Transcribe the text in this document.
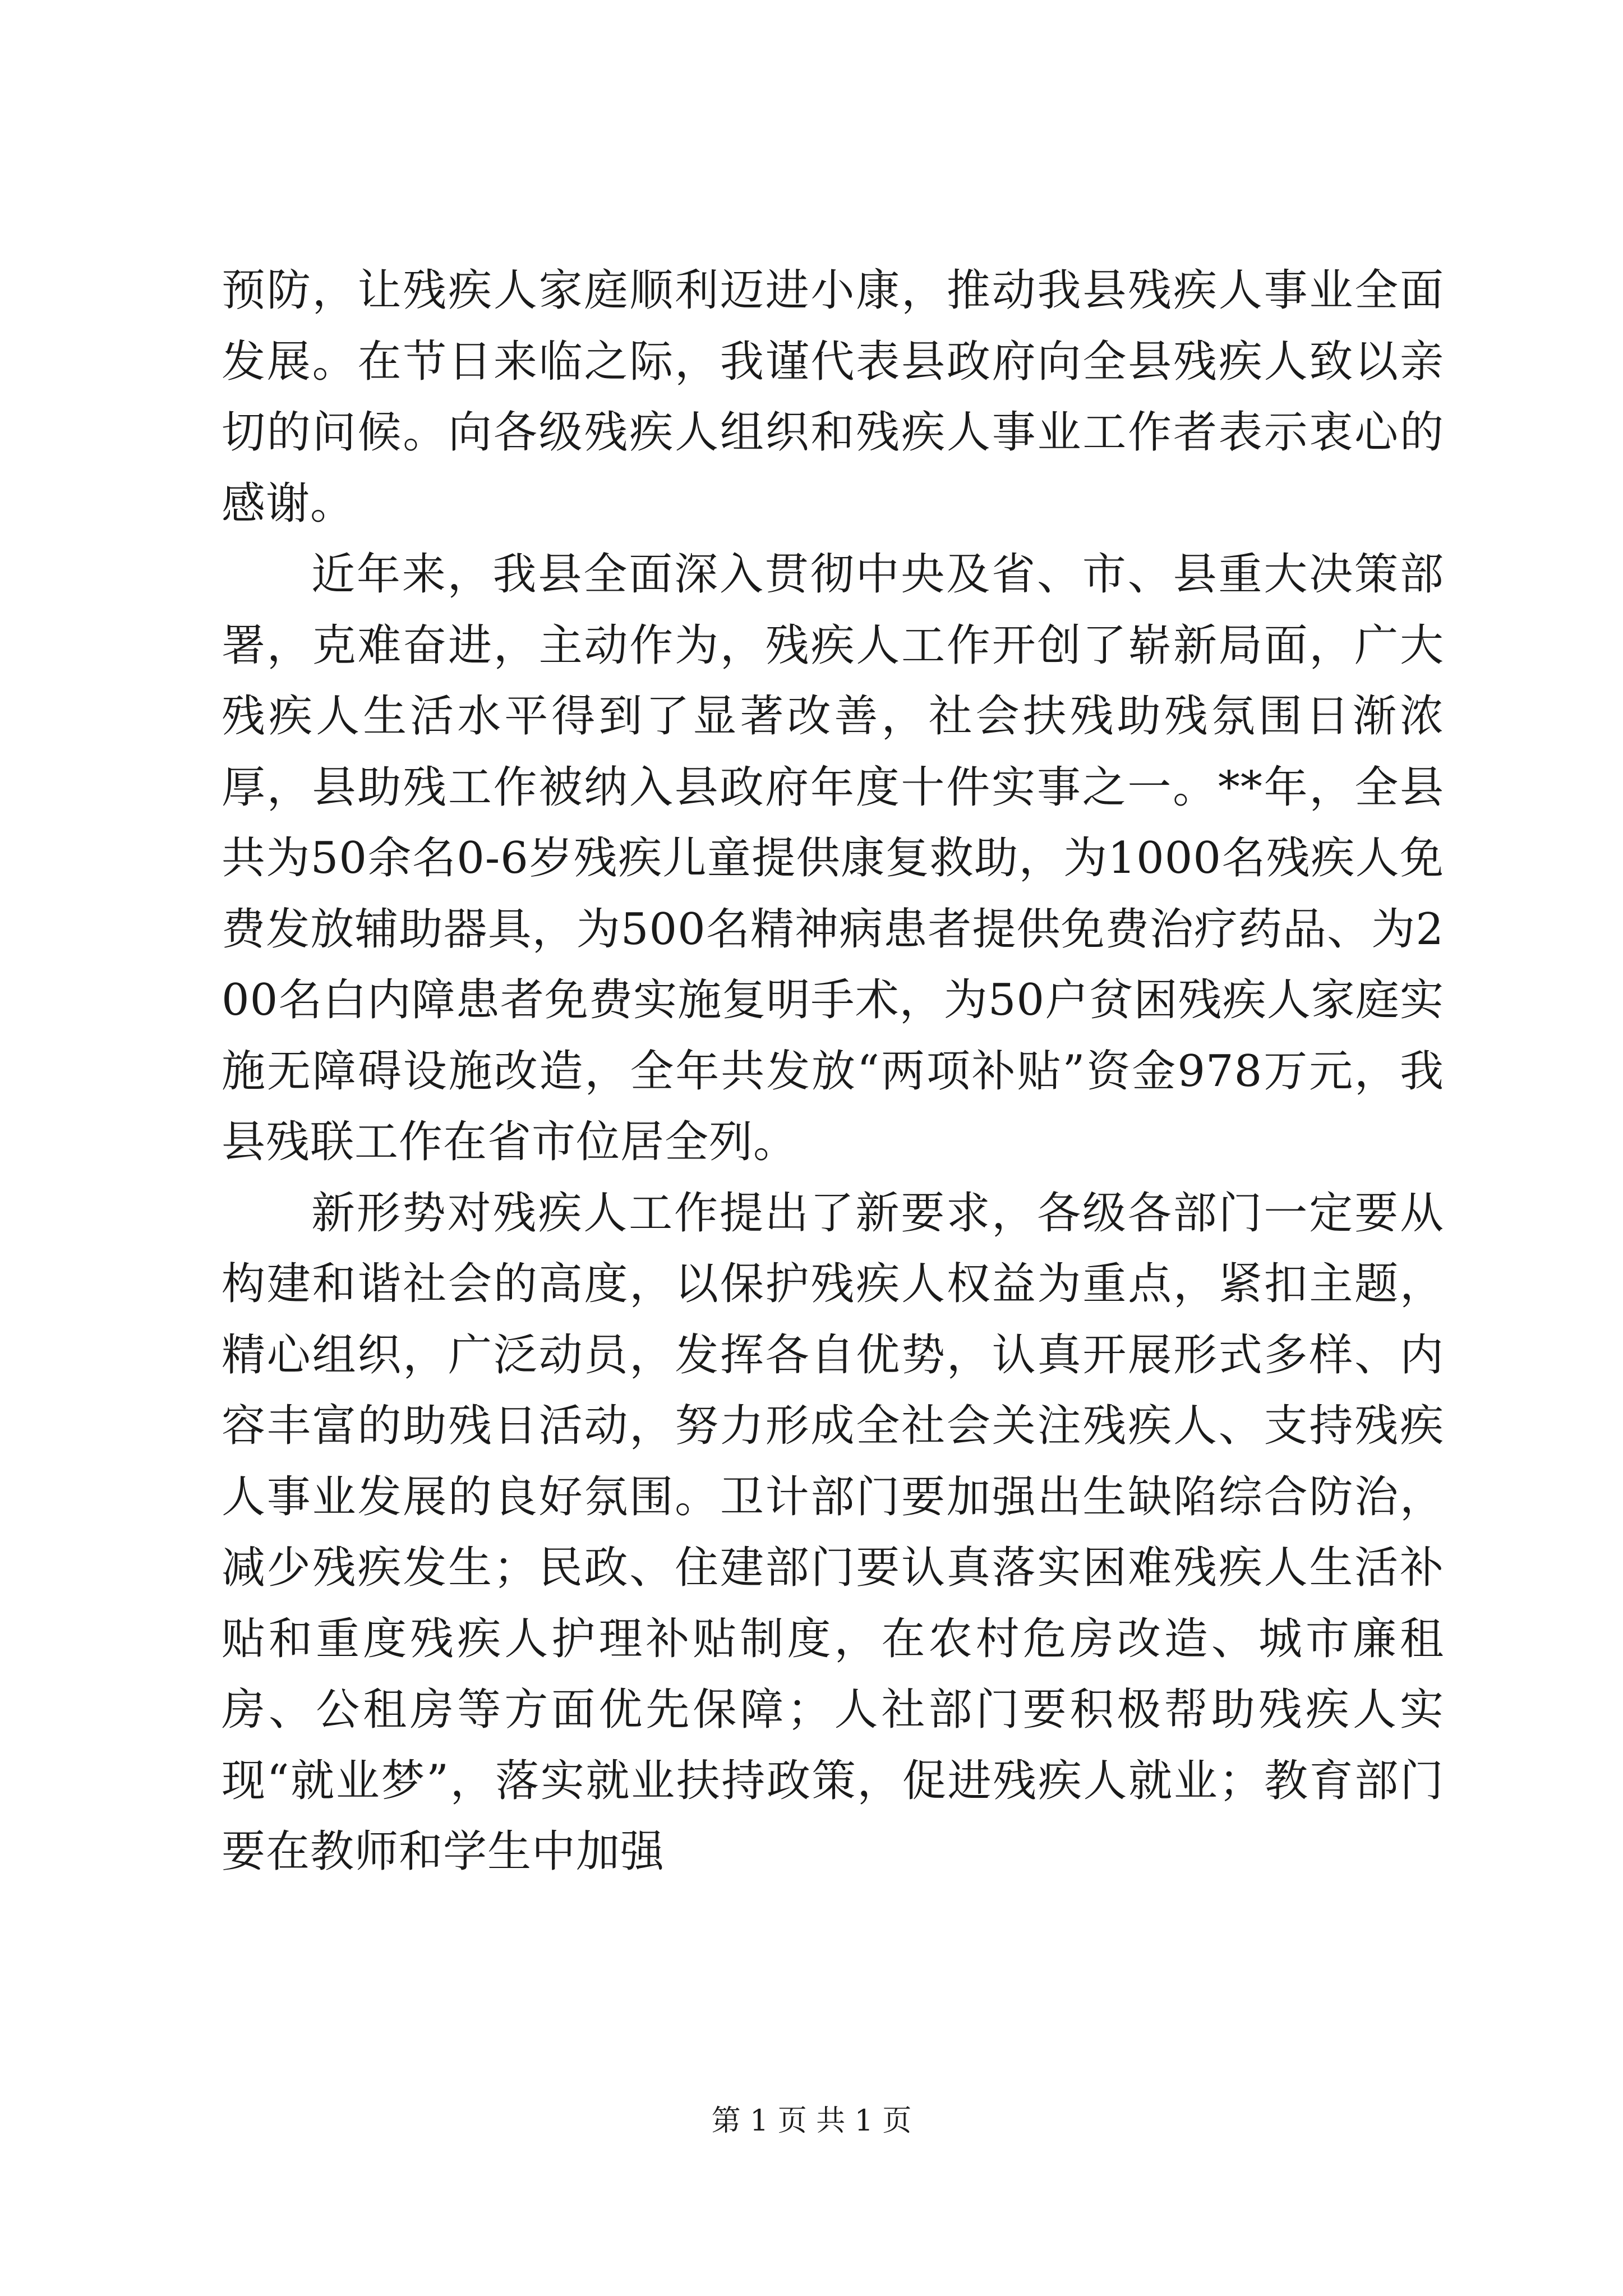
预防，让残疾人家庭顺利迈进小康，推动我县残疾人事业全面发展。在节日来临之际，我谨代表县政府向全县残疾人致以亲切的问候。向各级残疾人组织和残疾人事业工作者表示衷心的感谢。

近年来，我县全面深入贯彻中央及省、市、县重大决策部署，克难奋进，主动作为，残疾人工作开创了崭新局面，广大残疾人生活水平得到了显著改善，社会扶残助残氛围日渐浓厚，县助残工作被纳入县政府年度十件实事之一。**年，全县共为50余名0-6岁残疾儿童提供康复救助，为1000名残疾人免费发放辅助器具，为500名精神病患者提供免费治疗药品、为200名白内障患者免费实施复明手术，为50户贫困残疾人家庭实施无障碍设施改造，全年共发放“两项补贴”资金978万元，我县残联工作在省市位居全列。

新形势对残疾人工作提出了新要求，各级各部门一定要从构建和谐社会的高度，以保护残疾人权益为重点，紧扣主题，精心组织，广泛动员，发挥各自优势，认真开展形式多样、内容丰富的助残日活动，努力形成全社会关注残疾人、支持残疾人事业发展的良好氛围。卫计部门要加强出生缺陷综合防治，减少残疾发生；民政、住建部门要认真落实困难残疾人生活补贴和重度残疾人护理补贴制度，在农村危房改造、城市廉租房、公租房等方面优先保障；人社部门要积极帮助残疾人实现“就业梦”，落实就业扶持政策，促进残疾人就业；教育部门要在教师和学生中加强

第 1 页 共 1 页
